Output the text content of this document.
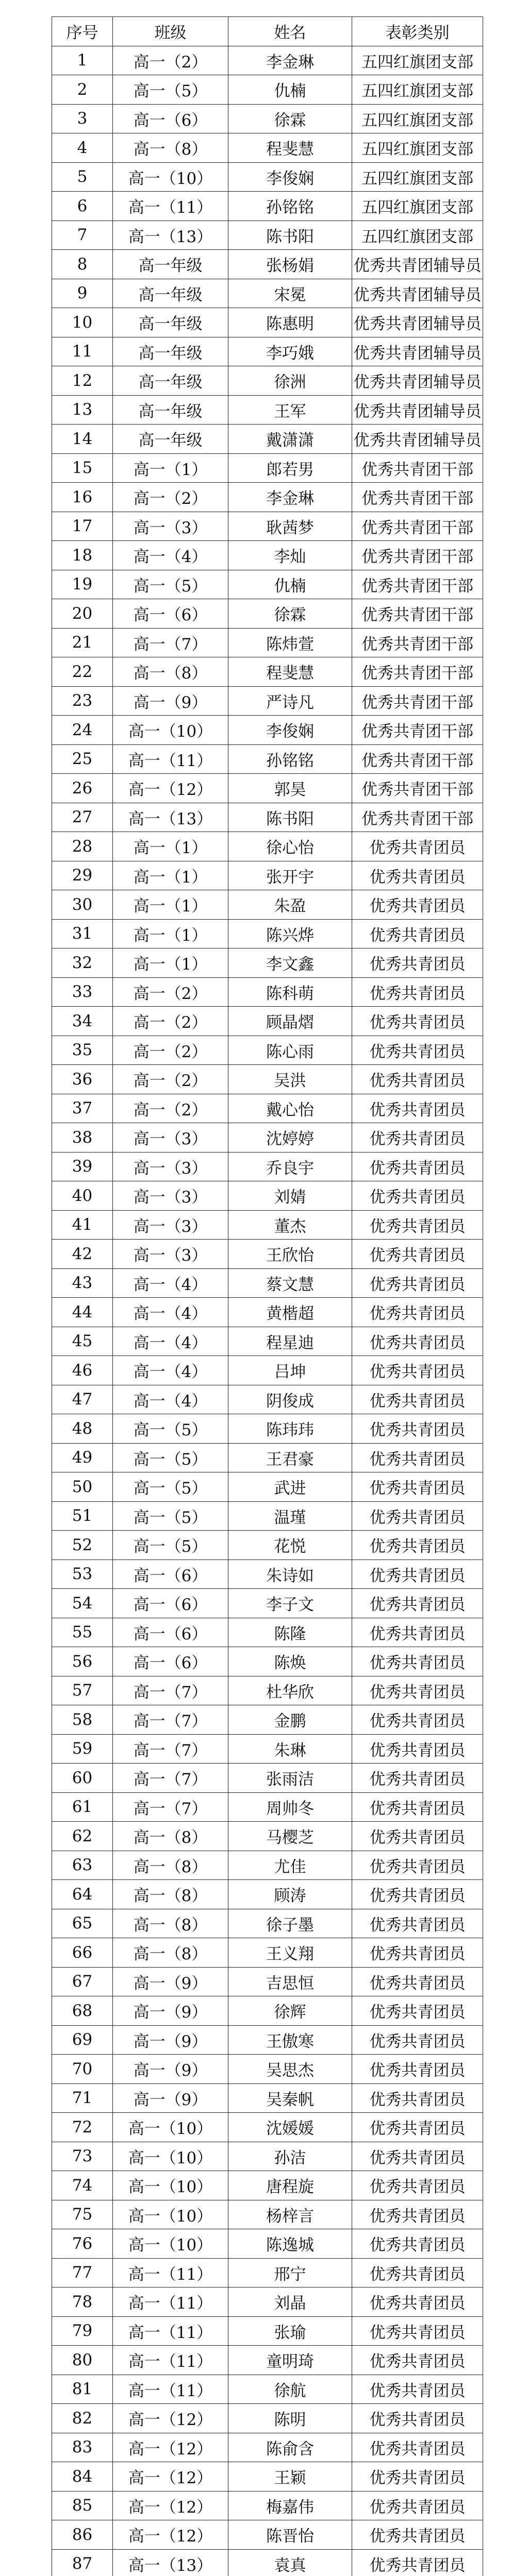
序号	班级	姓名	表彰类别
1	高一（2）	李金琳	五四红旗团支部
2	高一（5）	仇楠	五四红旗团支部
3	高一（6）	徐霖	五四红旗团支部
4	高一（8）	程斐慧	五四红旗团支部
5	高一（10）	李俊娴	五四红旗团支部
6	高一（11）	孙铭铭	五四红旗团支部
7	高一（13）	陈书阳	五四红旗团支部
8	高一年级	张杨娟	优秀共青团辅导员
9	高一年级	宋冕	优秀共青团辅导员
10	高一年级	陈惠明	优秀共青团辅导员
11	高一年级	李巧娥	优秀共青团辅导员
12	高一年级	徐洲	优秀共青团辅导员
13	高一年级	王军	优秀共青团辅导员
14	高一年级	戴潇潇	优秀共青团辅导员
15	高一（1）	郎若男	优秀共青团干部
16	高一（2）	李金琳	优秀共青团干部
17	高一（3）	耿茜梦	优秀共青团干部
18	高一（4）	李灿	优秀共青团干部
19	高一（5）	仇楠	优秀共青团干部
20	高一（6）	徐霖	优秀共青团干部
21	高一（7）	陈炜萱	优秀共青团干部
22	高一（8）	程斐慧	优秀共青团干部
23	高一（9）	严诗凡	优秀共青团干部
24	高一（10）	李俊娴	优秀共青团干部
25	高一（11）	孙铭铭	优秀共青团干部
26	高一（12）	郭昊	优秀共青团干部
27	高一（13）	陈书阳	优秀共青团干部
28	高一（1）	徐心怡	优秀共青团员
29	高一（1）	张开宇	优秀共青团员
30	高一（1）	朱盈	优秀共青团员
31	高一（1）	陈兴烨	优秀共青团员
32	高一（1）	李文鑫	优秀共青团员
33	高一（2）	陈科萌	优秀共青团员
34	高一（2）	顾晶熠	优秀共青团员
35	高一（2）	陈心雨	优秀共青团员
36	高一（2）	吴洪	优秀共青团员
37	高一（2）	戴心怡	优秀共青团员
38	高一（3）	沈婷婷	优秀共青团员
39	高一（3）	乔良宇	优秀共青团员
40	高一（3）	刘婧	优秀共青团员
41	高一（3）	董杰	优秀共青团员
42	高一（3）	王欣怡	优秀共青团员
43	高一（4）	蔡文慧	优秀共青团员
44	高一（4）	黄楷超	优秀共青团员
45	高一（4）	程星迪	优秀共青团员
46	高一（4）	吕坤	优秀共青团员
47	高一（4）	阴俊成	优秀共青团员
48	高一（5）	陈玮玮	优秀共青团员
49	高一（5）	王君豪	优秀共青团员
50	高一（5）	武进	优秀共青团员
51	高一（5）	温瑾	优秀共青团员
52	高一（5）	花悦	优秀共青团员
53	高一（6）	朱诗如	优秀共青团员
54	高一（6）	李子文	优秀共青团员
55	高一（6）	陈隆	优秀共青团员
56	高一（6）	陈焕	优秀共青团员
57	高一（7）	杜华欣	优秀共青团员
58	高一（7）	金鹏	优秀共青团员
59	高一（7）	朱琳	优秀共青团员
60	高一（7）	张雨洁	优秀共青团员
61	高一（7）	周帅冬	优秀共青团员
62	高一（8）	马樱芝	优秀共青团员
63	高一（8）	尤佳	优秀共青团员
64	高一（8）	顾涛	优秀共青团员
65	高一（8）	徐子墨	优秀共青团员
66	高一（8）	王义翔	优秀共青团员
67	高一（9）	吉思恒	优秀共青团员
68	高一（9）	徐辉	优秀共青团员
69	高一（9）	王傲寒	优秀共青团员
70	高一（9）	吴思杰	优秀共青团员
71	高一（9）	吴秦帆	优秀共青团员
72	高一（10）	沈媛媛	优秀共青团员
73	高一（10）	孙洁	优秀共青团员
74	高一（10）	唐程旋	优秀共青团员
75	高一（10）	杨梓言	优秀共青团员
76	高一（10）	陈逸城	优秀共青团员
77	高一（11）	邢宁	优秀共青团员
78	高一（11）	刘晶	优秀共青团员
79	高一（11）	张瑜	优秀共青团员
80	高一（11）	童明琦	优秀共青团员
81	高一（11）	徐航	优秀共青团员
82	高一（12）	陈明	优秀共青团员
83	高一（12）	陈俞含	优秀共青团员
84	高一（12）	王颖	优秀共青团员
85	高一（12）	梅嘉伟	优秀共青团员
86	高一（12）	陈晋怡	优秀共青团员
87	高一（13）	袁真	优秀共青团员
